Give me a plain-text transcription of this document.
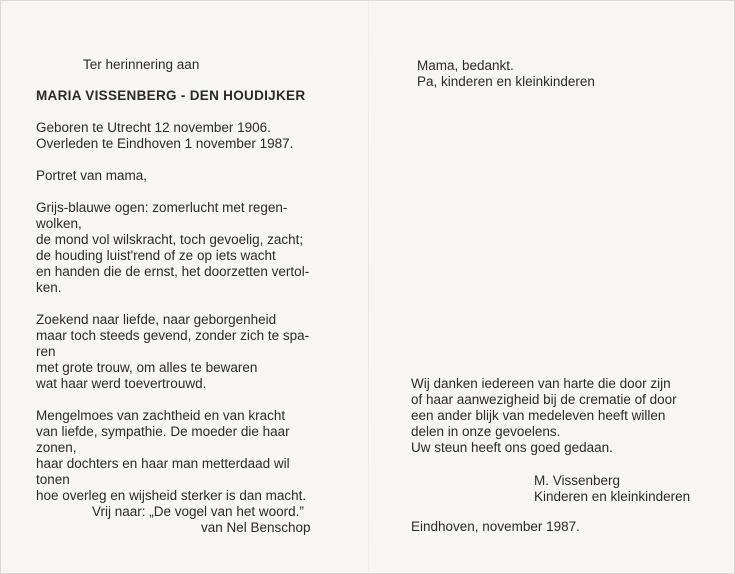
Ter herinnering aan
MARIA VISSENBERG - DEN HOUDIJKER
Geboren te Utrecht 12 november 1906.
Overleden te Eindhoven 1 november 1987.
Portret van mama,
Grijs-blauwe ogen: zomerlucht met regen-
wolken,
de mond vol wilskracht, toch gevoelig, zacht;
de houding luist'rend of ze op iets wacht
en handen die de ernst, het doorzetten vertol-
ken.
Zoekend naar liefde, naar geborgenheid
maar toch steeds gevend, zonder zich te spa-
ren
met grote trouw, om alles te bewaren
wat haar werd toevertrouwd.
Mengelmoes van zachtheid en van kracht
van liefde, sympathie. De moeder die haar
zonen,
haar dochters en haar man metterdaad wil
tonen
hoe overleg en wijsheid sterker is dan macht.
Vrij naar: „De vogel van het woord.”
van Nel Benschop
Mama, bedankt.
Pa, kinderen en kleinkinderen
Wij danken iedereen van harte die door zijn
of haar aanwezigheid bij de crematie of door
een ander blijk van medeleven heeft willen
delen in onze gevoelens.
Uw steun heeft ons goed gedaan.
M. Vissenberg
Kinderen en kleinkinderen
Eindhoven, november 1987.
